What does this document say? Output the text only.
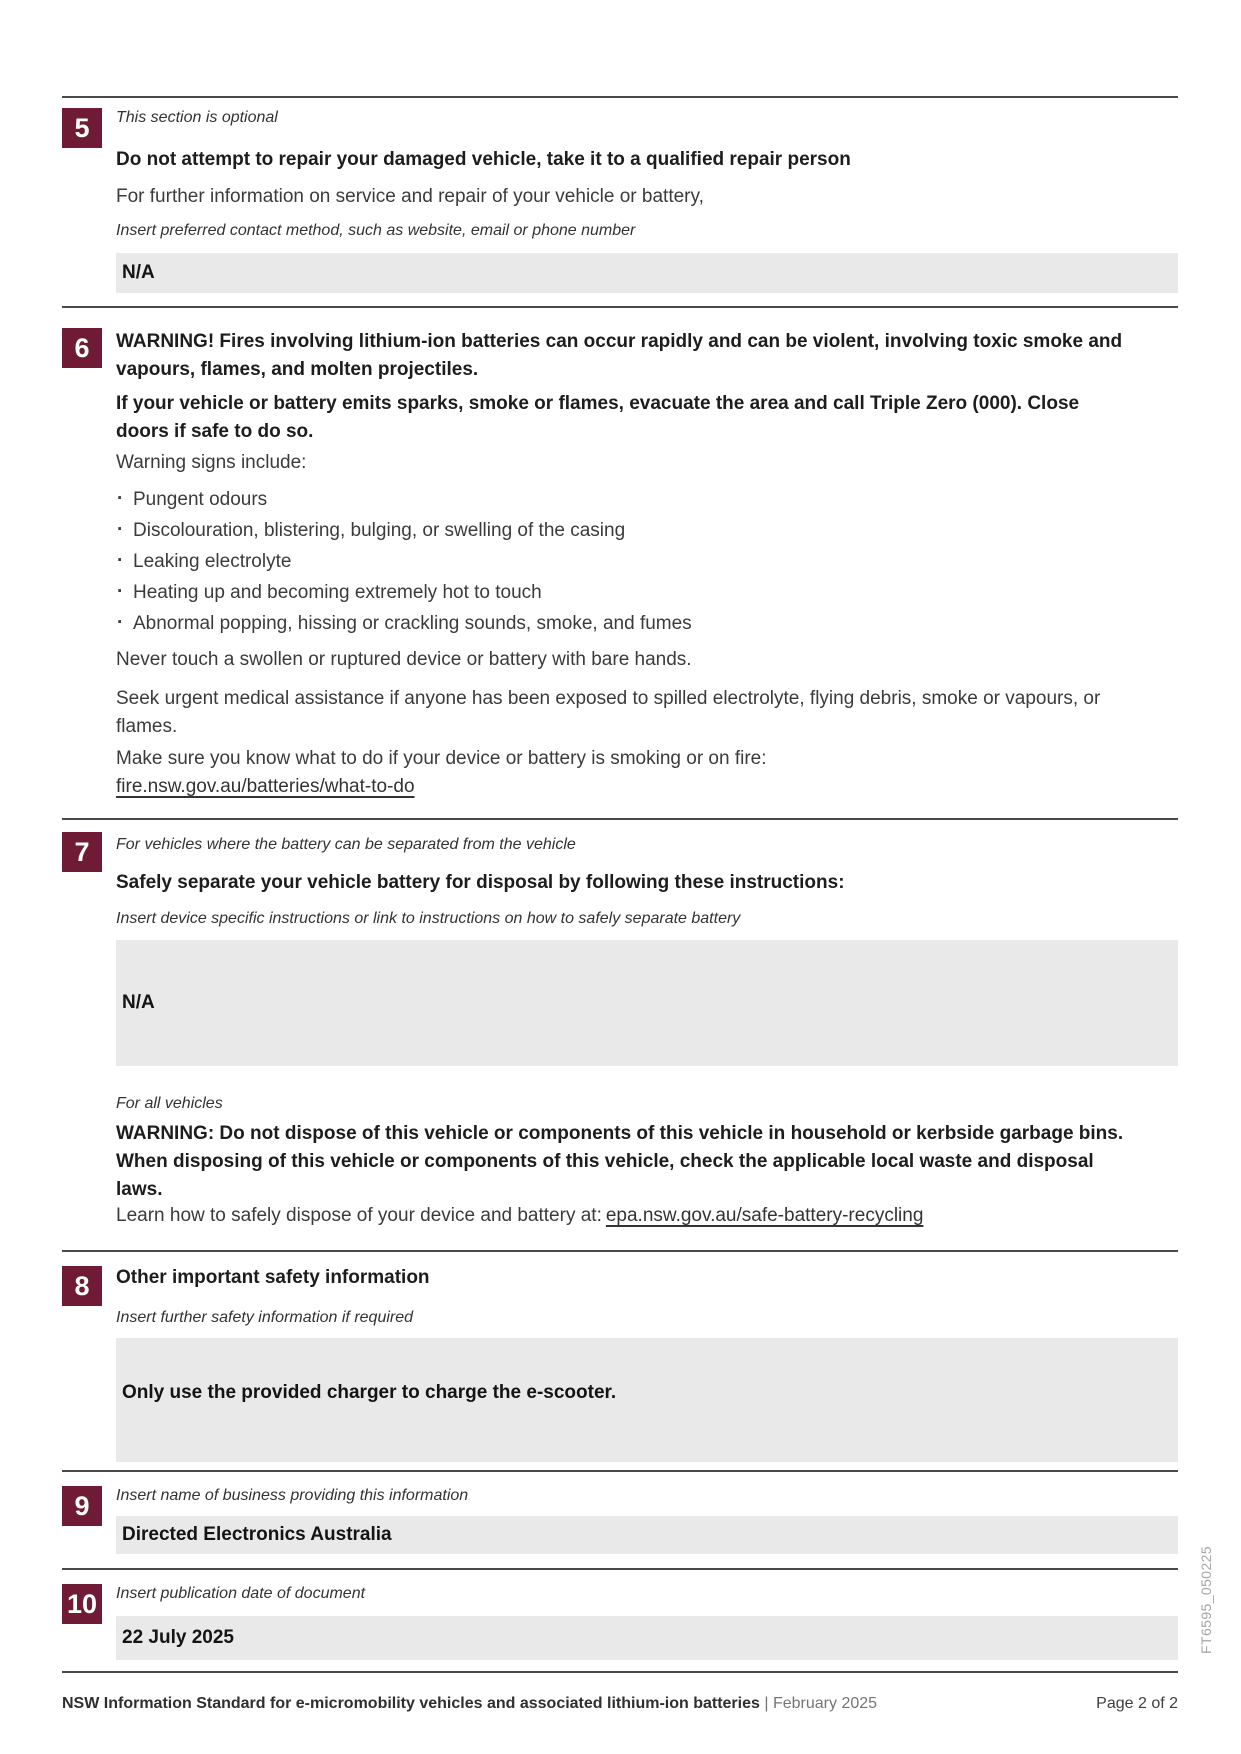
5	This section is optional
Do not attempt to repair your damaged vehicle, take it to a qualified repair person
For further information on service and repair of your vehicle or battery,
Insert preferred contact method, such as website, email or phone number
N/A
6	WARNING! Fires involving lithium-ion batteries can occur rapidly and can be violent, involving toxic smoke and vapours, flames, and molten projectiles.
If your vehicle or battery emits sparks, smoke or flames, evacuate the area and call Triple Zero (000). Close doors if safe to do so.
Warning signs include:
· Pungent odours
· Discolouration, blistering, bulging, or swelling of the casing
· Leaking electrolyte
· Heating up and becoming extremely hot to touch
· Abnormal popping, hissing or crackling sounds, smoke, and fumes
Never touch a swollen or ruptured device or battery with bare hands.
Seek urgent medical assistance if anyone has been exposed to spilled electrolyte, flying debris, smoke or vapours, or flames.
Make sure you know what to do if your device or battery is smoking or on fire:
fire.nsw.gov.au/batteries/what-to-do
7	For vehicles where the battery can be separated from the vehicle
Safely separate your vehicle battery for disposal by following these instructions:
Insert device specific instructions or link to instructions on how to safely separate battery
N/A
For all vehicles
WARNING: Do not dispose of this vehicle or components of this vehicle in household or kerbside garbage bins. When disposing of this vehicle or components of this vehicle, check the applicable local waste and disposal laws.
Learn how to safely dispose of your device and battery at: epa.nsw.gov.au/safe-battery-recycling
8	Other important safety information
Insert further safety information if required
Only use the provided charger to charge the e-scooter.
9	Insert name of business providing this information
Directed Electronics Australia
10	Insert publication date of document
22 July 2025
NSW Information Standard for e-micromobility vehicles and associated lithium-ion batteries | February 2025	Page 2 of 2
FT6595_050225
